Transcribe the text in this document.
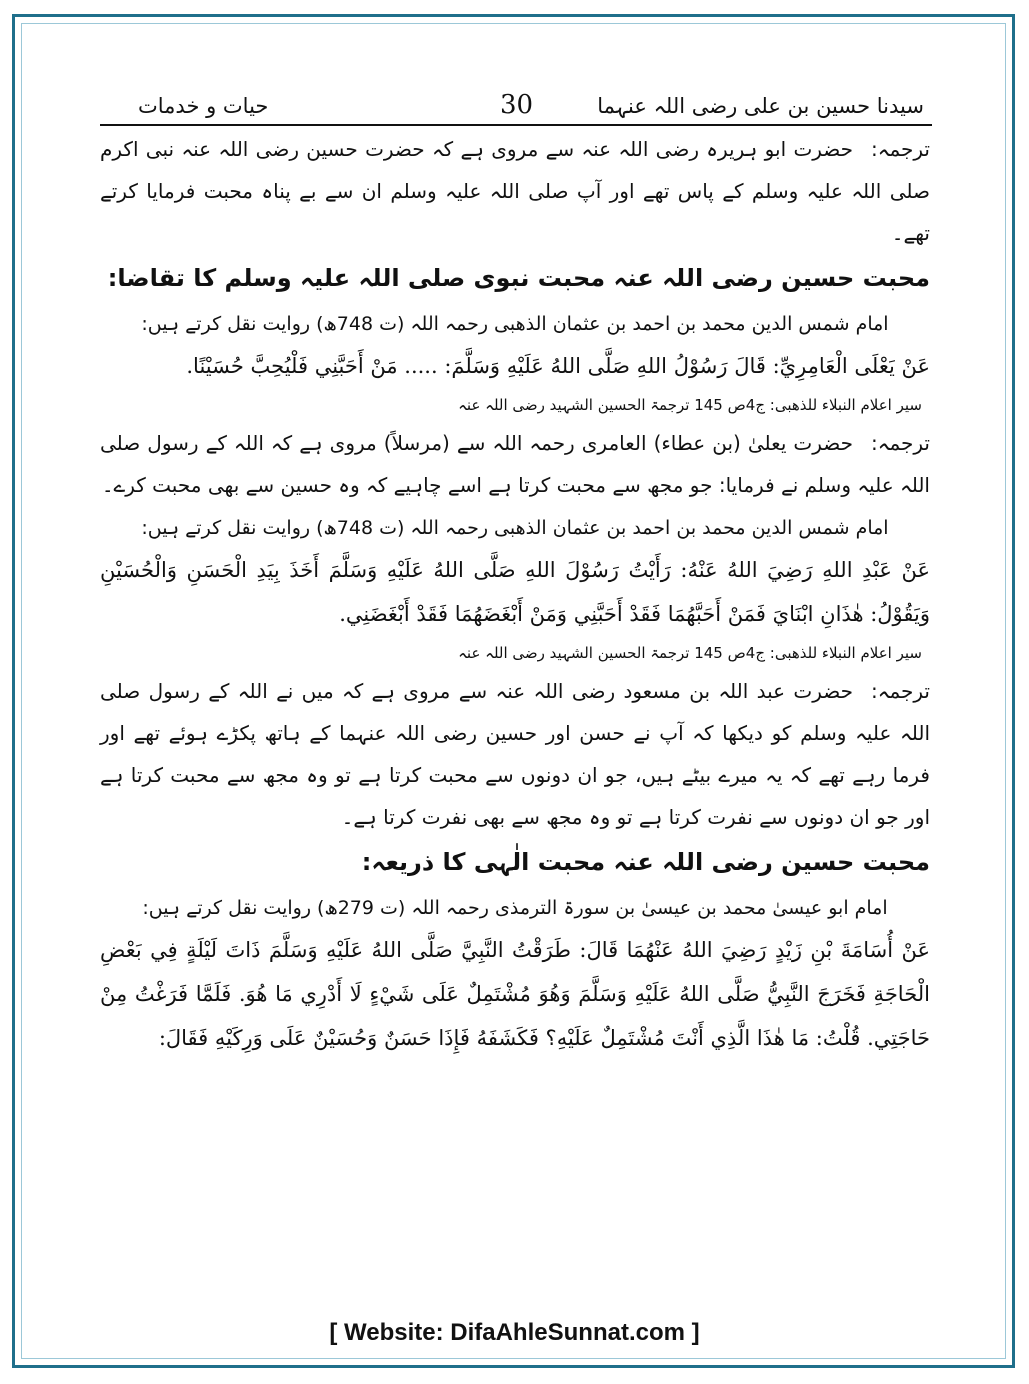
حیات و خدمات	30	سیدنا حسین بن علی رضی اللہ عنہما

ترجمہ:حضرت ابو ہریرہ رضی اللہ عنہ سے مروی ہے کہ حضرت حسین رضی اللہ عنہ نبی اکرم صلی اللہ علیہ وسلم کے پاس تھے اور آپ صلی اللہ علیہ وسلم ان سے بے پناہ محبت فرمایا کرتے تھے۔

محبت حسین رضی اللہ عنہ محبت نبوی صلی اللہ علیہ وسلم کا تقاضا:

امام شمس الدین محمد بن احمد بن عثمان الذھبی رحمہ اللہ (ت 748ھ) روایت نقل کرتے ہیں:

عَنْ يَعْلَى الْعَامِرِيِّ: قَالَ رَسُوْلُ اللهِ صَلَّى اللهُ عَلَيْهِ وَسَلَّمَ: ..... مَنْ أَحَبَّنِي فَلْيُحِبَّ حُسَيْنًا.

سیر اعلام النبلاء للذھبی: ج4ص 145 ترجمۃ الحسین الشہید رضی اللہ عنہ

ترجمہ:حضرت یعلیٰ (بن عطاء) العامری رحمہ اللہ سے (مرسلاً) مروی ہے کہ اللہ کے رسول صلی اللہ علیہ وسلم نے فرمایا: جو مجھ سے محبت کرتا ہے اسے چاہیے کہ وہ حسین سے بھی محبت کرے۔

امام شمس الدین محمد بن احمد بن عثمان الذھبی رحمہ اللہ (ت 748ھ) روایت نقل کرتے ہیں:

عَنْ عَبْدِ اللهِ رَضِيَ اللهُ عَنْهُ: رَأَيْتُ رَسُوْلَ اللهِ صَلَّى اللهُ عَلَيْهِ وَسَلَّمَ أَخَذَ بِيَدِ الْحَسَنِ وَالْحُسَيْنِ وَيَقُوْلُ: هٰذَانِ ابْنَايَ فَمَنْ أَحَبَّهُمَا فَقَدْ أَحَبَّنِي وَمَنْ أَبْغَضَهُمَا فَقَدْ أَبْغَضَنِي.

سیر اعلام النبلاء للذھبی: ج4ص 145 ترجمۃ الحسین الشہید رضی اللہ عنہ

ترجمہ:حضرت عبد اللہ بن مسعود رضی اللہ عنہ سے مروی ہے کہ میں نے اللہ کے رسول صلی اللہ علیہ وسلم کو دیکھا کہ آپ نے حسن اور حسین رضی اللہ عنہما کے ہاتھ پکڑے ہوئے تھے اور فرما رہے تھے کہ یہ میرے بیٹے ہیں، جو ان دونوں سے محبت کرتا ہے تو وہ مجھ سے محبت کرتا ہے اور جو ان دونوں سے نفرت کرتا ہے تو وہ مجھ سے بھی نفرت کرتا ہے۔

محبت حسین رضی اللہ عنہ محبت الٰہی کا ذریعہ:

امام ابو عیسیٰ محمد بن عیسیٰ بن سورۃ الترمذی رحمہ اللہ (ت 279ھ) روایت نقل کرتے ہیں:

عَنْ أُسَامَةَ بْنِ زَيْدٍ رَضِيَ اللهُ عَنْهُمَا قَالَ: طَرَقْتُ النَّبِيَّ صَلَّى اللهُ عَلَيْهِ وَسَلَّمَ ذَاتَ لَيْلَةٍ فِي بَعْضِ الْحَاجَةِ فَخَرَجَ النَّبِيُّ صَلَّى اللهُ عَلَيْهِ وَسَلَّمَ وَهُوَ مُشْتَمِلٌ عَلَى شَيْءٍ لَا أَدْرِي مَا هُوَ. فَلَمَّا فَرَغْتُ مِنْ حَاجَتِي. قُلْتُ: مَا هٰذَا الَّذِي أَنْتَ مُشْتَمِلٌ عَلَيْهِ؟ فَكَشَفَهُ فَإِذَا حَسَنٌ وَحُسَيْنٌ عَلَى وَرِكَيْهِ فَقَالَ:

[ Website: DifaAhleSunnat.com ]
